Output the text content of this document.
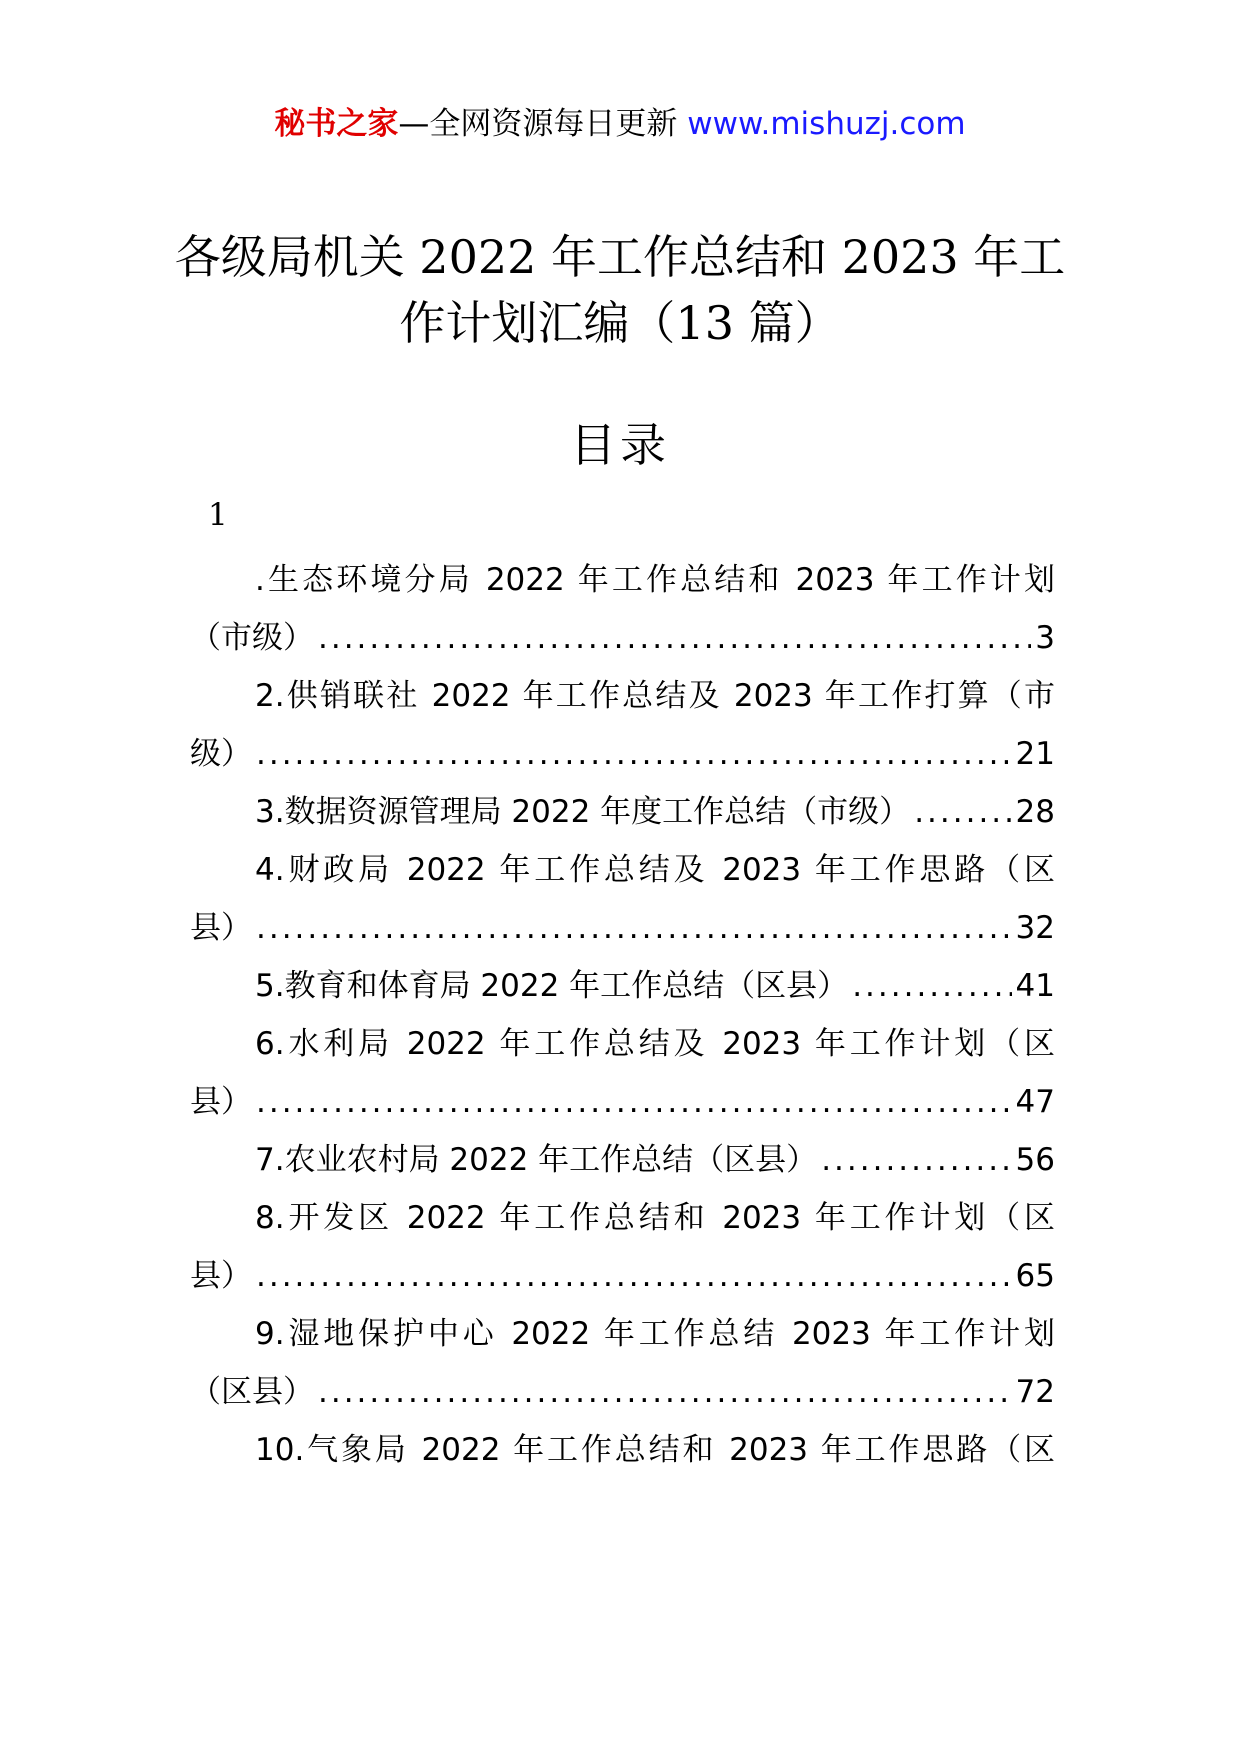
秘书之家—全网资源每日更新 www.mishuzj.com
各级局机关 2022 年工作总结和 2023 年工作计划汇编（13 篇）
目录
1
.生态环境分局 2022 年工作总结和 2023 年工作计划
（市级） .....	3
2.供销联社 2022 年工作总结及 2023 年工作打算（市
级） .....	21
3.数据资源管理局 2022 年度工作总结（市级） .....	28
4.财政局 2022 年工作总结及 2023 年工作思路（区
县） .....	32
5.教育和体育局 2022 年工作总结（区县） .....	41
6.水利局 2022 年工作总结及 2023 年工作计划（区
县） .....	47
7.农业农村局 2022 年工作总结（区县） .....	56
8.开发区 2022 年工作总结和 2023 年工作计划（区
县） .....	65
9.湿地保护中心 2022 年工作总结 2023 年工作计划
（区县） .....	72
10.气象局 2022 年工作总结和 2023 年工作思路（区
